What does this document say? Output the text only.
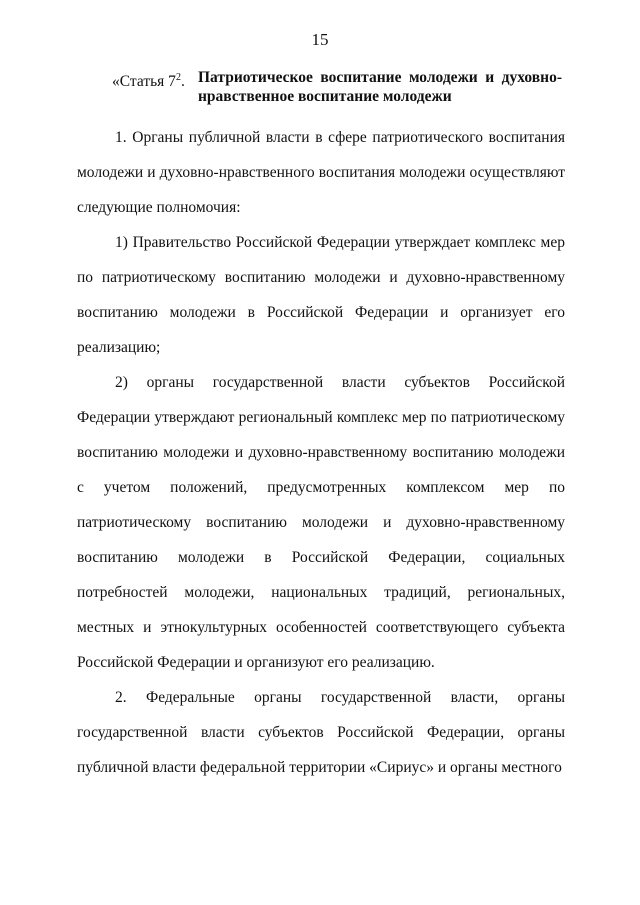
15
«Статья $7^2$. Патриотическое воспитание молодежи и духовно-нравственное воспитание молодежи

1. Органы публичной власти в сфере патриотического воспитания молодежи и духовно-нравственного воспитания молодежи осуществляют следующие полномочия:

1) Правительство Российской Федерации утверждает комплекс мер по патриотическому воспитанию молодежи и духовно-нравственному воспитанию молодежи в Российской Федерации и организует его реализацию;

2) органы государственной власти субъектов Российской Федерации утверждают региональный комплекс мер по патриотическому воспитанию молодежи и духовно-нравственному воспитанию молодежи с учетом положений, предусмотренных комплексом мер по патриотическому воспитанию молодежи и духовно-нравственному воспитанию молодежи в Российской Федерации, социальных потребностей молодежи, национальных традиций, региональных, местных и этнокультурных особенностей соответствующего субъекта Российской Федерации и организуют его реализацию.

2. Федеральные органы государственной власти, органы государственной власти субъектов Российской Федерации, органы публичной власти федеральной территории «Сириус» и органы местного
